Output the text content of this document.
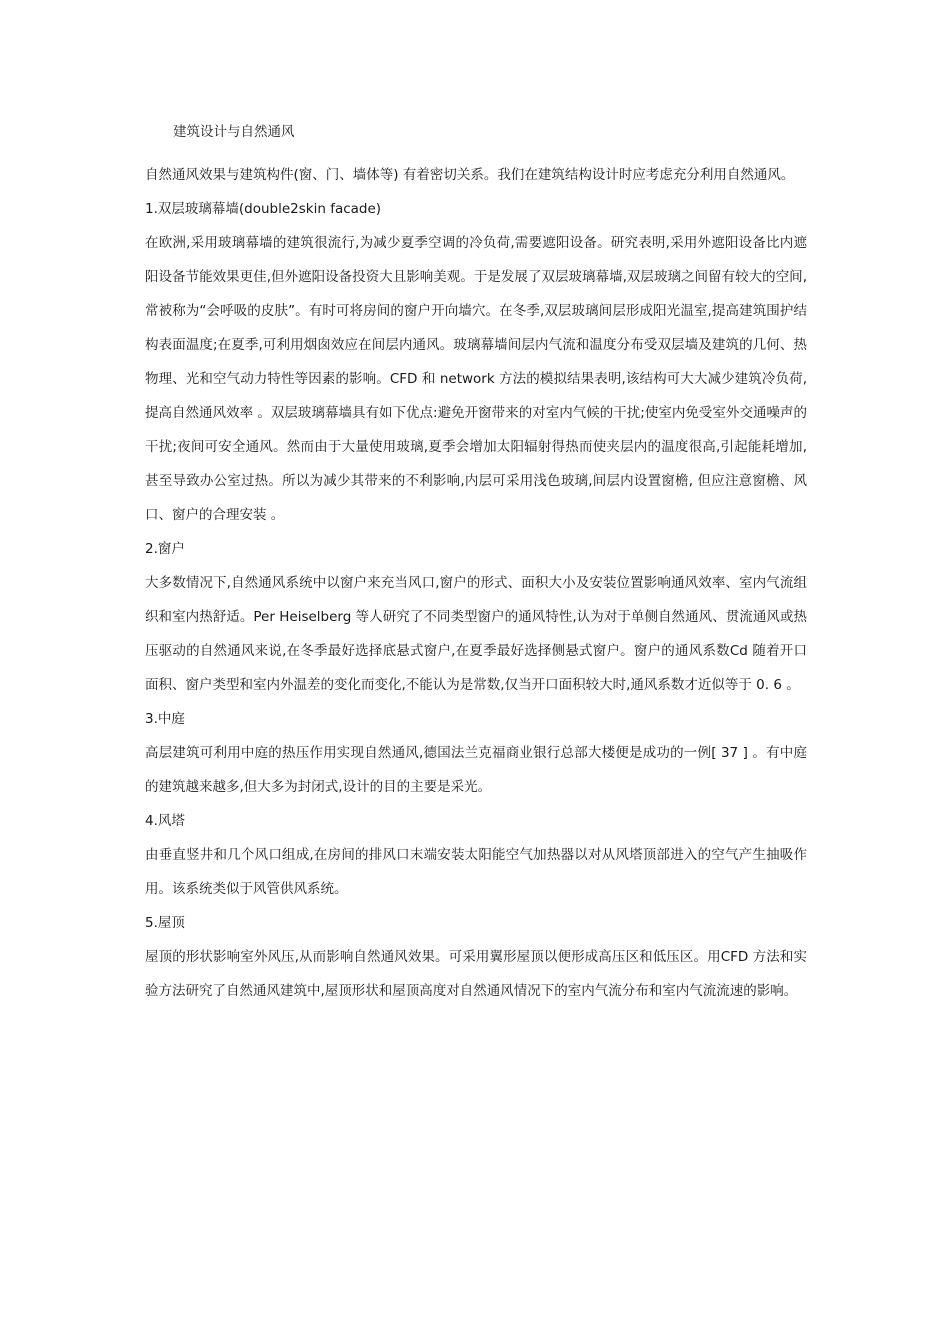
建筑设计与自然通风

自然通风效果与建筑构件(窗、门、墙体等) 有着密切关系。我们在建筑结构设计时应考虑充分利用自然通风。

1.双层玻璃幕墙(double2skin facade)

在欧洲,采用玻璃幕墙的建筑很流行,为减少夏季空调的冷负荷,需要遮阳设备。研究表明,采用外遮阳设备比内遮阳设备节能效果更佳,但外遮阳设备投资大且影响美观。于是发展了双层玻璃幕墙,双层玻璃之间留有较大的空间,常被称为“会呼吸的皮肤”。有时可将房间的窗户开向墙穴。在冬季,双层玻璃间层形成阳光温室,提高建筑围护结构表面温度;在夏季,可利用烟囱效应在间层内通风。玻璃幕墙间层内气流和温度分布受双层墙及建筑的几何、热物理、光和空气动力特性等因素的影响。CFD 和 network 方法的模拟结果表明,该结构可大大减少建筑冷负荷,提高自然通风效率 。双层玻璃幕墙具有如下优点:避免开窗带来的对室内气候的干扰;使室内免受室外交通噪声的干扰;夜间可安全通风。然而由于大量使用玻璃,夏季会增加太阳辐射得热而使夹层内的温度很高,引起能耗增加,甚至导致办公室过热。所以为减少其带来的不利影响,内层可采用浅色玻璃,间层内设置窗檐, 但应注意窗檐、风口、窗户的合理安装 。

2.窗户

大多数情况下,自然通风系统中以窗户来充当风口,窗户的形式、面积大小及安装位置影响通风效率、室内气流组织和室内热舒适。Per Heiselberg 等人研究了不同类型窗户的通风特性,认为对于单侧自然通风、贯流通风或热压驱动的自然通风来说,在冬季最好选择底悬式窗户,在夏季最好选择侧悬式窗户。窗户的通风系数Cd 随着开口面积、窗户类型和室内外温差的变化而变化,不能认为是常数,仅当开口面积较大时,通风系数才近似等于 0. 6 。

3.中庭

高层建筑可利用中庭的热压作用实现自然通风,德国法兰克福商业银行总部大楼便是成功的一例[ 37 ] 。有中庭的建筑越来越多,但大多为封闭式,设计的目的主要是采光。

4.风塔

由垂直竖井和几个风口组成,在房间的排风口末端安装太阳能空气加热器以对从风塔顶部进入的空气产生抽吸作用。该系统类似于风管供风系统。

5.屋顶

屋顶的形状影响室外风压,从而影响自然通风效果。可采用翼形屋顶以便形成高压区和低压区。用CFD 方法和实验方法研究了自然通风建筑中,屋顶形状和屋顶高度对自然通风情况下的室内气流分布和室内气流流速的影响。
